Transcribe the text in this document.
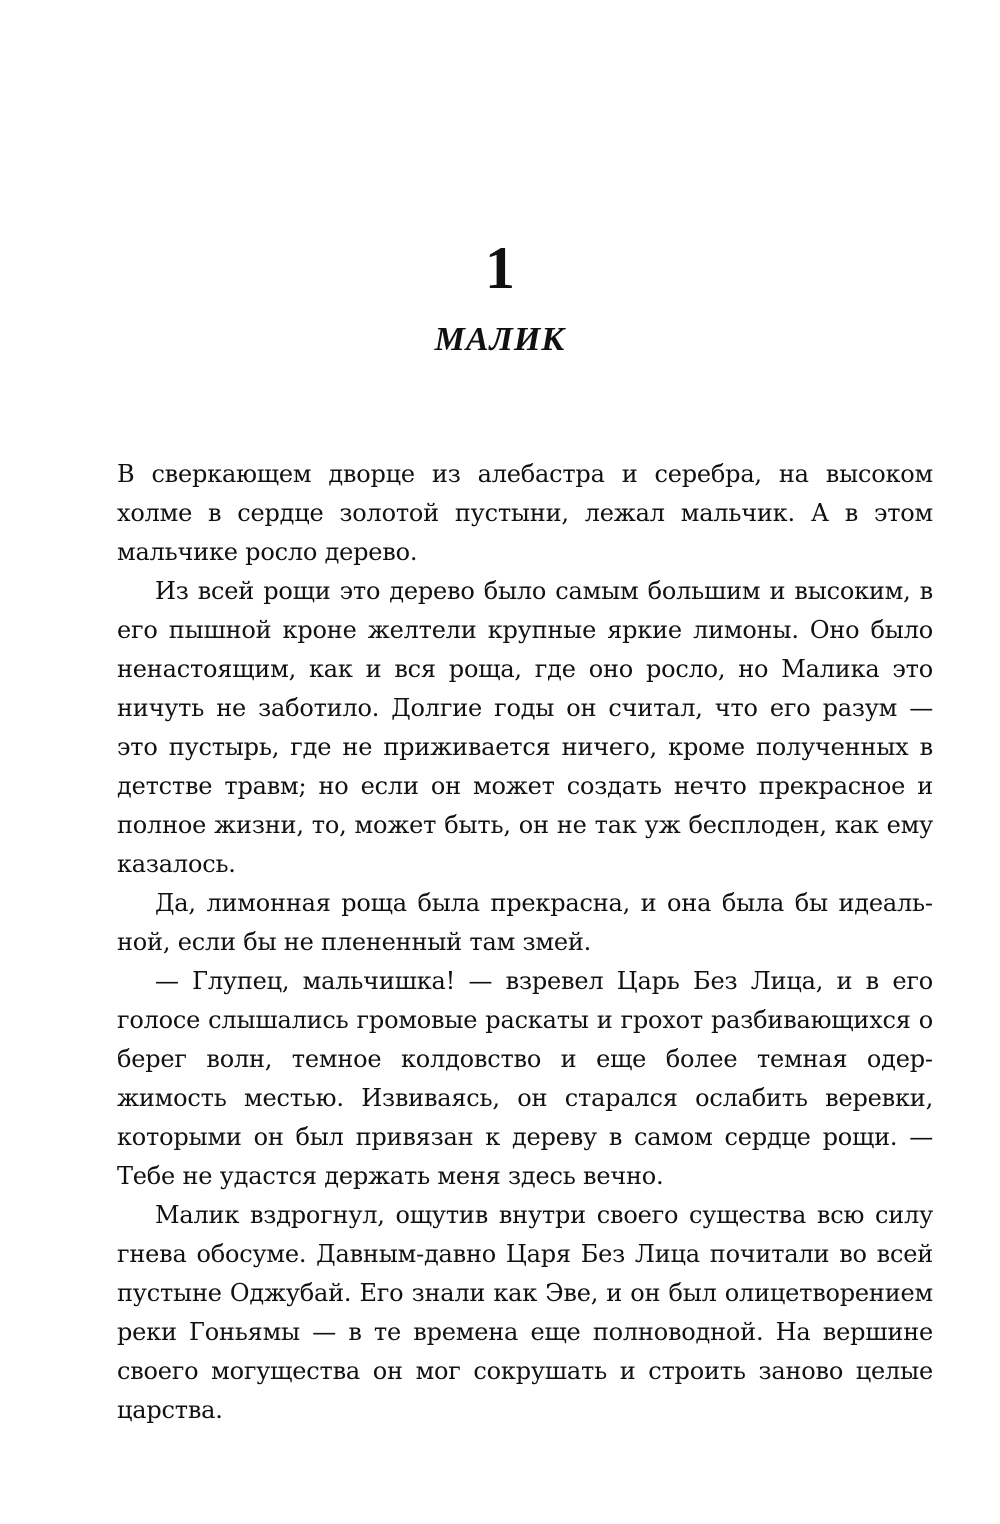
1
МАЛИК

В сверкающем дворце из алебастра и серебра, на высоком холме в сердце золотой пустыни, лежал мальчик. А в этом мальчике росло дерево.

Из всей рощи это дерево было самым большим и высоким, в его пышной кроне желтели крупные яркие лимоны. Оно было ненастоящим, как и вся роща, где оно росло, но Малика это ничуть не заботило. Долгие годы он считал, что его разум — это пустырь, где не приживается ничего, кроме полученных в детстве травм; но если он может создать нечто прекрасное и полное жизни, то, может быть, он не так уж бесплоден, как ему казалось.

Да, лимонная роща была прекрасна, и она была бы идеальной, если бы не плененный там змей.

— Глупец, мальчишка! — взревел Царь Без Лица, и в его голосе слышались громовые раскаты и грохот разбивающихся о берег волн, темное колдовство и еще более темная одержимость местью. Извиваясь, он старался ослабить веревки, которыми он был привязан к дереву в самом сердце рощи. — Тебе не удастся держать меня здесь вечно.

Малик вздрогнул, ощутив внутри своего существа всю силу гнева обосуме. Давным-давно Царя Без Лица почитали во всей пустыне Оджубай. Его знали как Эве, и он был олицетворением реки Гоньямы — в те времена еще полноводной. На вершине своего могущества он мог сокрушать и строить заново целые царства.
